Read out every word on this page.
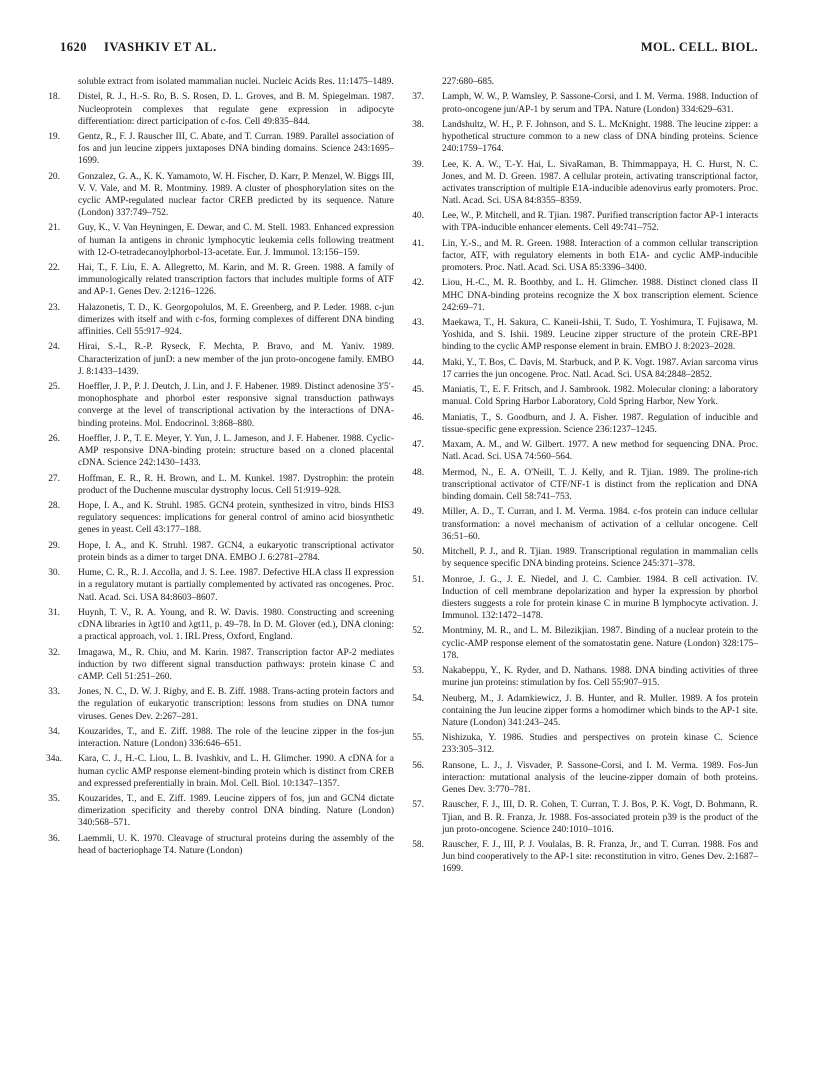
1620 IVASHKIV ET AL.	MOL. CELL. BIOL.
soluble extract from isolated mammalian nuclei. Nucleic Acids Res. 11:1475–1489.
18. Distel, R. J., H.-S. Ro, B. S. Rosen, D. L. Groves, and B. M. Spiegelman. 1987. Nucleoprotein complexes that regulate gene expression in adipocyte differentiation: direct participation of c-fos. Cell 49:835–844.
19. Gentz, R., F. J. Rauscher III, C. Abate, and T. Curran. 1989. Parallel association of fos and jun leucine zippers juxtaposes DNA binding domains. Science 243:1695–1699.
20. Gonzalez, G. A., K. K. Yamamoto, W. H. Fischer, D. Karr, P. Menzel, W. Biggs III, V. V. Vale, and M. R. Montminy. 1989. A cluster of phosphorylation sites on the cyclic AMP-regulated nuclear factor CREB predicted by its sequence. Nature (London) 337:749–752.
21. Guy, K., V. Van Heyningen, E. Dewar, and C. M. Stell. 1983. Enhanced expression of human Ia antigens in chronic lymphocytic leukemia cells following treatment with 12-O-tetradecanoylphorbol-13-acetate. Eur. J. Immunol. 13:156–159.
22. Hai, T., F. Liu, E. A. Allegretto, M. Karin, and M. R. Green. 1988. A family of immunologically related transcription factors that includes multiple forms of ATF and AP-1. Genes Dev. 2:1216–1226.
23. Halazonetis, T. D., K. Georgopolulos, M. E. Greenberg, and P. Leder. 1988. c-jun dimerizes with itself and with c-fos, forming complexes of different DNA binding affinities. Cell 55:917–924.
24. Hirai, S.-I., R.-P. Ryseck, F. Mechta, P. Bravo, and M. Yaniv. 1989. Characterization of junD: a new member of the jun proto-oncogene family. EMBO J. 8:1433–1439.
25. Hoeffler, J. P., P. J. Deutch, J. Lin, and J. F. Habener. 1989. Distinct adenosine 3′5′-monophosphate and phorbol ester responsive signal transduction pathways converge at the level of transcriptional activation by the interactions of DNA-binding proteins. Mol. Endocrinol. 3:868–880.
26. Hoeffler, J. P., T. E. Meyer, Y. Yun, J. L. Jameson, and J. F. Habener. 1988. Cyclic-AMP responsive DNA-binding protein: structure based on a cloned placental cDNA. Science 242:1430–1433.
27. Hoffman, E. R., R. H. Brown, and L. M. Kunkel. 1987. Dystrophin: the protein product of the Duchenne muscular dystrophy locus. Cell 51:919–928.
28. Hope, I. A., and K. Struhl. 1985. GCN4 protein, synthesized in vitro, binds HIS3 regulatory sequences: implications for general control of amino acid biosynthetic genes in yeast. Cell 43:177–188.
29. Hope, I. A., and K. Struhl. 1987. GCN4, a eukaryotic transcriptional activator protein binds as a dimer to target DNA. EMBO J. 6:2781–2784.
30. Hume, C. R., R. J. Accolla, and J. S. Lee. 1987. Defective HLA class II expression in a regulatory mutant is partially complemented by activated ras oncogenes. Proc. Natl. Acad. Sci. USA 84:8603–8607.
31. Huynh, T. V., R. A. Young, and R. W. Davis. 1980. Constructing and screening cDNA libraries in λgt10 and λgt11, p. 49–78. In D. M. Glover (ed.), DNA cloning: a practical approach, vol. 1. IRL Press, Oxford, England.
32. Imagawa, M., R. Chiu, and M. Karin. 1987. Transcription factor AP-2 mediates induction by two different signal transduction pathways: protein kinase C and cAMP. Cell 51:251–260.
33. Jones, N. C., D. W. J. Rigby, and E. B. Ziff. 1988. Trans-acting protein factors and the regulation of eukaryotic transcription: lessons from studies on DNA tumor viruses. Genes Dev. 2:267–281.
34. Kouzarides, T., and E. Ziff. 1988. The role of the leucine zipper in the fos-jun interaction. Nature (London) 336:646–651.
34a. Kara, C. J., H.-C. Liou, L. B. Ivashkiv, and L. H. Glimcher. 1990. A cDNA for a human cyclic AMP response element-binding protein which is distinct from CREB and expressed preferentially in brain. Mol. Cell. Biol. 10:1347–1357.
35. Kouzarides, T., and E. Ziff. 1989. Leucine zippers of fos, jun and GCN4 dictate dimerization specificity and thereby control DNA binding. Nature (London) 340:568–571.
36. Laemmli, U. K. 1970. Cleavage of structural proteins during the assembly of the head of bacteriophage T4. Nature (London)
227:680–685.
37. Lamph, W. W., P. Wamsley, P. Sassone-Corsi, and I. M. Verma. 1988. Induction of proto-oncogene jun/AP-1 by serum and TPA. Nature (London) 334:629–631.
38. Landshultz, W. H., P. F. Johnson, and S. L. McKnight. 1988. The leucine zipper: a hypothetical structure common to a new class of DNA binding proteins. Science 240:1759–1764.
39. Lee, K. A. W., T.-Y. Hai, L. SivaRaman, B. Thimmappaya, H. C. Hurst, N. C. Jones, and M. D. Green. 1987. A cellular protein, activating transcriptional factor, activates transcription of multiple E1A-inducible adenovirus early promoters. Proc. Natl. Acad. Sci. USA 84:8355–8359.
40. Lee, W., P. Mitchell, and R. Tjian. 1987. Purified transcription factor AP-1 interacts with TPA-inducible enhancer elements. Cell 49:741–752.
41. Lin, Y.-S., and M. R. Green. 1988. Interaction of a common cellular transcription factor, ATF, with regulatory elements in both E1A- and cyclic AMP-inducible promoters. Proc. Natl. Acad. Sci. USA 85:3396–3400.
42. Liou, H.-C., M. R. Boothby, and L. H. Glimcher. 1988. Distinct cloned class II MHC DNA-binding proteins recognize the X box transcription element. Science 242:69–71.
43. Maekawa, T., H. Sakura, C. Kaneii-Ishii, T. Sudo, T. Yoshimura, T. Fujisawa, M. Yoshida, and S. Ishii. 1989. Leucine zipper structure of the protein CRE-BP1 binding to the cyclic AMP response element in brain. EMBO J. 8:2023–2028.
44. Maki, Y., T. Bos, C. Davis, M. Starbuck, and P. K. Vogt. 1987. Avian sarcoma virus 17 carries the jun oncogene. Proc. Natl. Acad. Sci. USA 84:2848–2852.
45. Maniatis, T., E. F. Fritsch, and J. Sambrook. 1982. Molecular cloning: a laboratory manual. Cold Spring Harbor Laboratory, Cold Spring Harbor, New York.
46. Maniatis, T., S. Goodburn, and J. A. Fisher. 1987. Regulation of inducible and tissue-specific gene expression. Science 236:1237–1245.
47. Maxam, A. M., and W. Gilbert. 1977. A new method for sequencing DNA. Proc. Natl. Acad. Sci. USA 74:560–564.
48. Mermod, N., E. A. O'Neill, T. J. Kelly, and R. Tjian. 1989. The proline-rich transcriptional activator of CTF/NF-1 is distinct from the replication and DNA binding domain. Cell 58:741–753.
49. Miller, A. D., T. Curran, and I. M. Verma. 1984. c-fos protein can induce cellular transformation: a novel mechanism of activation of a cellular oncogene. Cell 36:51–60.
50. Mitchell, P. J., and R. Tjian. 1989. Transcriptional regulation in mammalian cells by sequence specific DNA binding proteins. Science 245:371–378.
51. Monroe, J. G., J. E. Niedel, and J. C. Cambier. 1984. B cell activation. IV. Induction of cell membrane depolarization and hyper Ia expression by phorbol diesters suggests a role for protein kinase C in murine B lymphocyte activation. J. Immunol. 132:1472–1478.
52. Montminy, M. R., and L. M. Bilezikjian. 1987. Binding of a nuclear protein to the cyclic-AMP response element of the somatostatin gene. Nature (London) 328:175–178.
53. Nakabeppu, Y., K. Ryder, and D. Nathans. 1988. DNA binding activities of three murine jun proteins: stimulation by fos. Cell 55:907–915.
54. Neuberg, M., J. Adamkiewicz, J. B. Hunter, and R. Muller. 1989. A fos protein containing the Jun leucine zipper forms a homodimer which binds to the AP-1 site. Nature (London) 341:243–245.
55. Nishizuka, Y. 1986. Studies and perspectives on protein kinase C. Science 233:305–312.
56. Ransone, L. J., J. Visvader, P. Sassone-Corsi, and I. M. Verma. 1989. Fos-Jun interaction: mutational analysis of the leucine-zipper domain of both proteins. Genes Dev. 3:770–781.
57. Rauscher, F. J., III, D. R. Cohen, T. Curran, T. J. Bos, P. K. Vogt, D. Bohmann, R. Tjian, and B. R. Franza, Jr. 1988. Fos-associated protein p39 is the product of the jun proto-oncogene. Science 240:1010–1016.
58. Rauscher, F. J., III, P. J. Voulalas, B. R. Franza, Jr., and T. Curran. 1988. Fos and Jun bind cooperatively to the AP-1 site: reconstitution in vitro. Genes Dev. 2:1687–1699.
